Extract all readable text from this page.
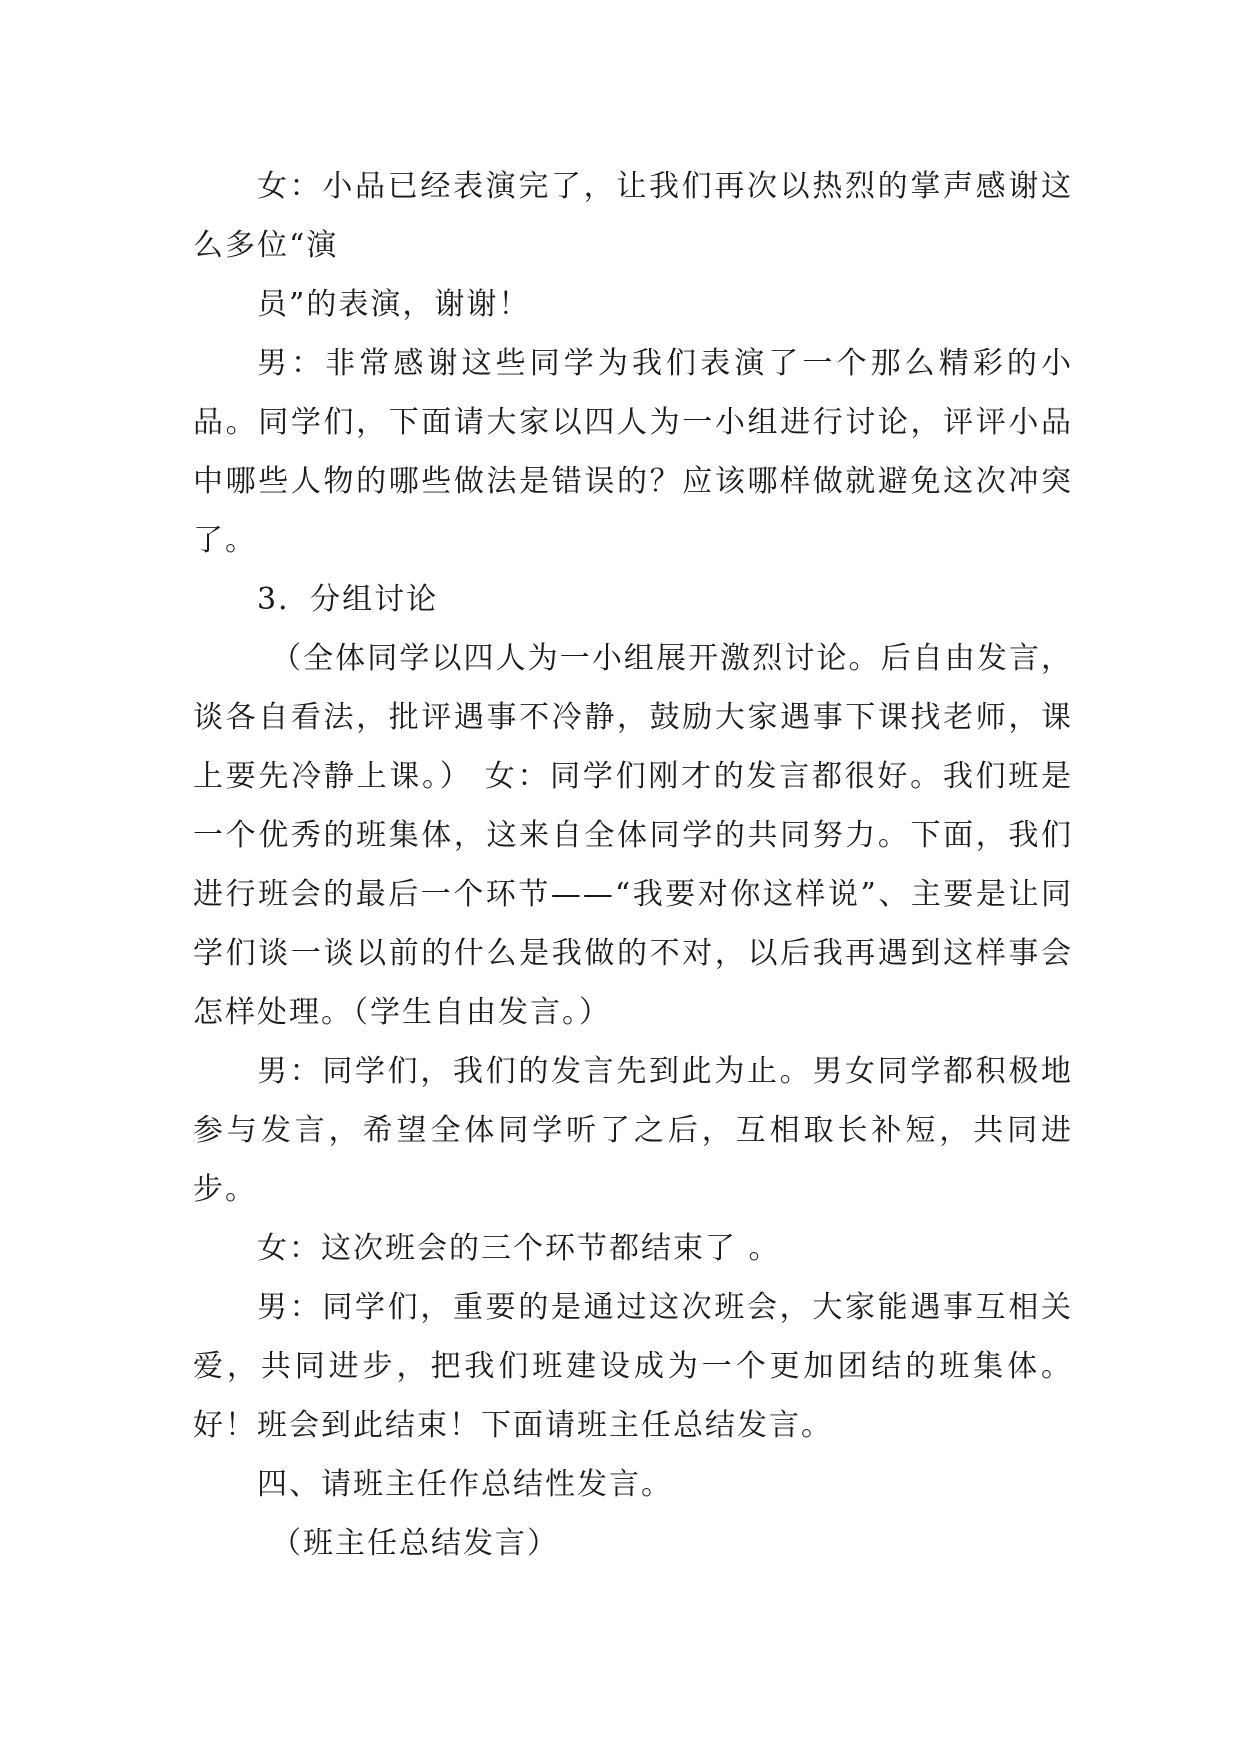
女：小品已经表演完了，让我们再次以热烈的掌声感谢这么多位“演

员”的表演，谢谢！

男：非常感谢这些同学为我们表演了一个那么精彩的小品。同学们，下面请大家以四人为一小组进行讨论，评评小品中哪些人物的哪些做法是错误的？应该哪样做就避免这次冲突了。

3．分组讨论

（全体同学以四人为一小组展开激烈讨论。后自由发言，谈各自看法，批评遇事不冷静，鼓励大家遇事下课找老师，课上要先冷静上课。） 女：同学们刚才的发言都很好。我们班是一个优秀的班集体，这来自全体同学的共同努力。下面，我们进行班会的最后一个环节——“我要对你这样说”、主要是让同学们谈一谈以前的什么是我做的不对，以后我再遇到这样事会怎样处理。（学生自由发言。）

男：同学们，我们的发言先到此为止。男女同学都积极地参与发言，希望全体同学听了之后，互相取长补短，共同进步。

女：这次班会的三个环节都结束了 。

男：同学们，重要的是通过这次班会，大家能遇事互相关爱，共同进步，把我们班建设成为一个更加团结的班集体。好！班会到此结束！下面请班主任总结发言。

四、请班主任作总结性发言。

（班主任总结发言）
